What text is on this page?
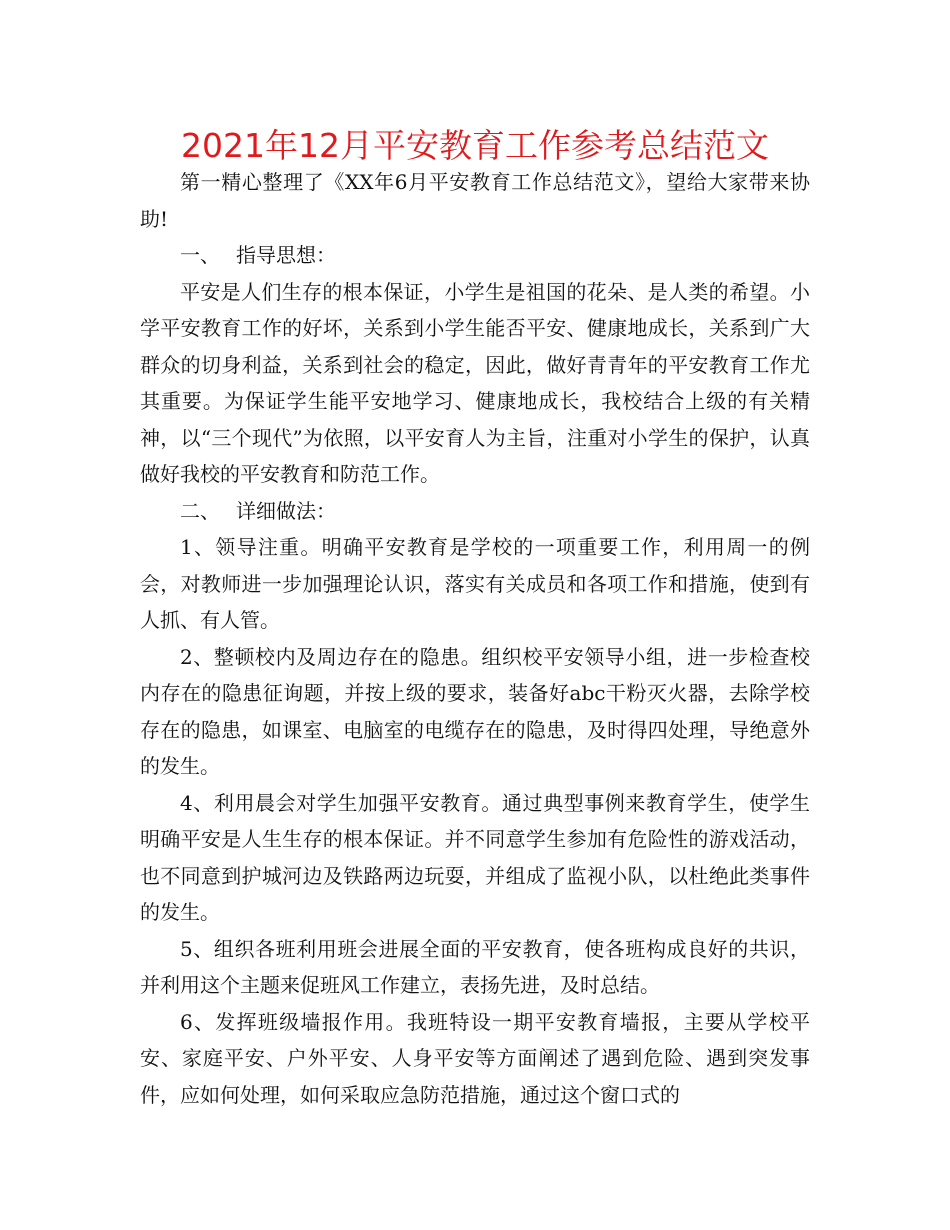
2021年12月平安教育工作参考总结范文

第一精心整理了《XX年6月平安教育工作总结范文》，望给大家带来协助!

一、 指导思想：

平安是人们生存的根本保证，小学生是祖国的花朵、是人类的希望。小学平安教育工作的好坏，关系到小学生能否平安、健康地成长，关系到广大群众的切身利益，关系到社会的稳定，因此，做好青青年的平安教育工作尤其重要。为保证学生能平安地学习、健康地成长，我校结合上级的有关精神，以“三个现代”为依照，以平安育人为主旨，注重对小学生的保护，认真做好我校的平安教育和防范工作。

二、 详细做法：

1、领导注重。明确平安教育是学校的一项重要工作，利用周一的例会，对教师进一步加强理论认识，落实有关成员和各项工作和措施，使到有人抓、有人管。

2、整顿校内及周边存在的隐患。组织校平安领导小组，进一步检查校内存在的隐患征询题，并按上级的要求，装备好abc干粉灭火器，去除学校存在的隐患，如课室、电脑室的电缆存在的隐患，及时得四处理，导绝意外的发生。

4、利用晨会对学生加强平安教育。通过典型事例来教育学生，使学生明确平安是人生生存的根本保证。并不同意学生参加有危险性的游戏活动，也不同意到护城河边及铁路两边玩耍，并组成了监视小队，以杜绝此类事件的发生。

5、组织各班利用班会进展全面的平安教育，使各班构成良好的共识，并利用这个主题来促班风工作建立，表扬先进，及时总结。

6、发挥班级墙报作用。我班特设一期平安教育墙报，主要从学校平安、家庭平安、户外平安、人身平安等方面阐述了遇到危险、遇到突发事件，应如何处理，如何采取应急防范措施，通过这个窗口式的
